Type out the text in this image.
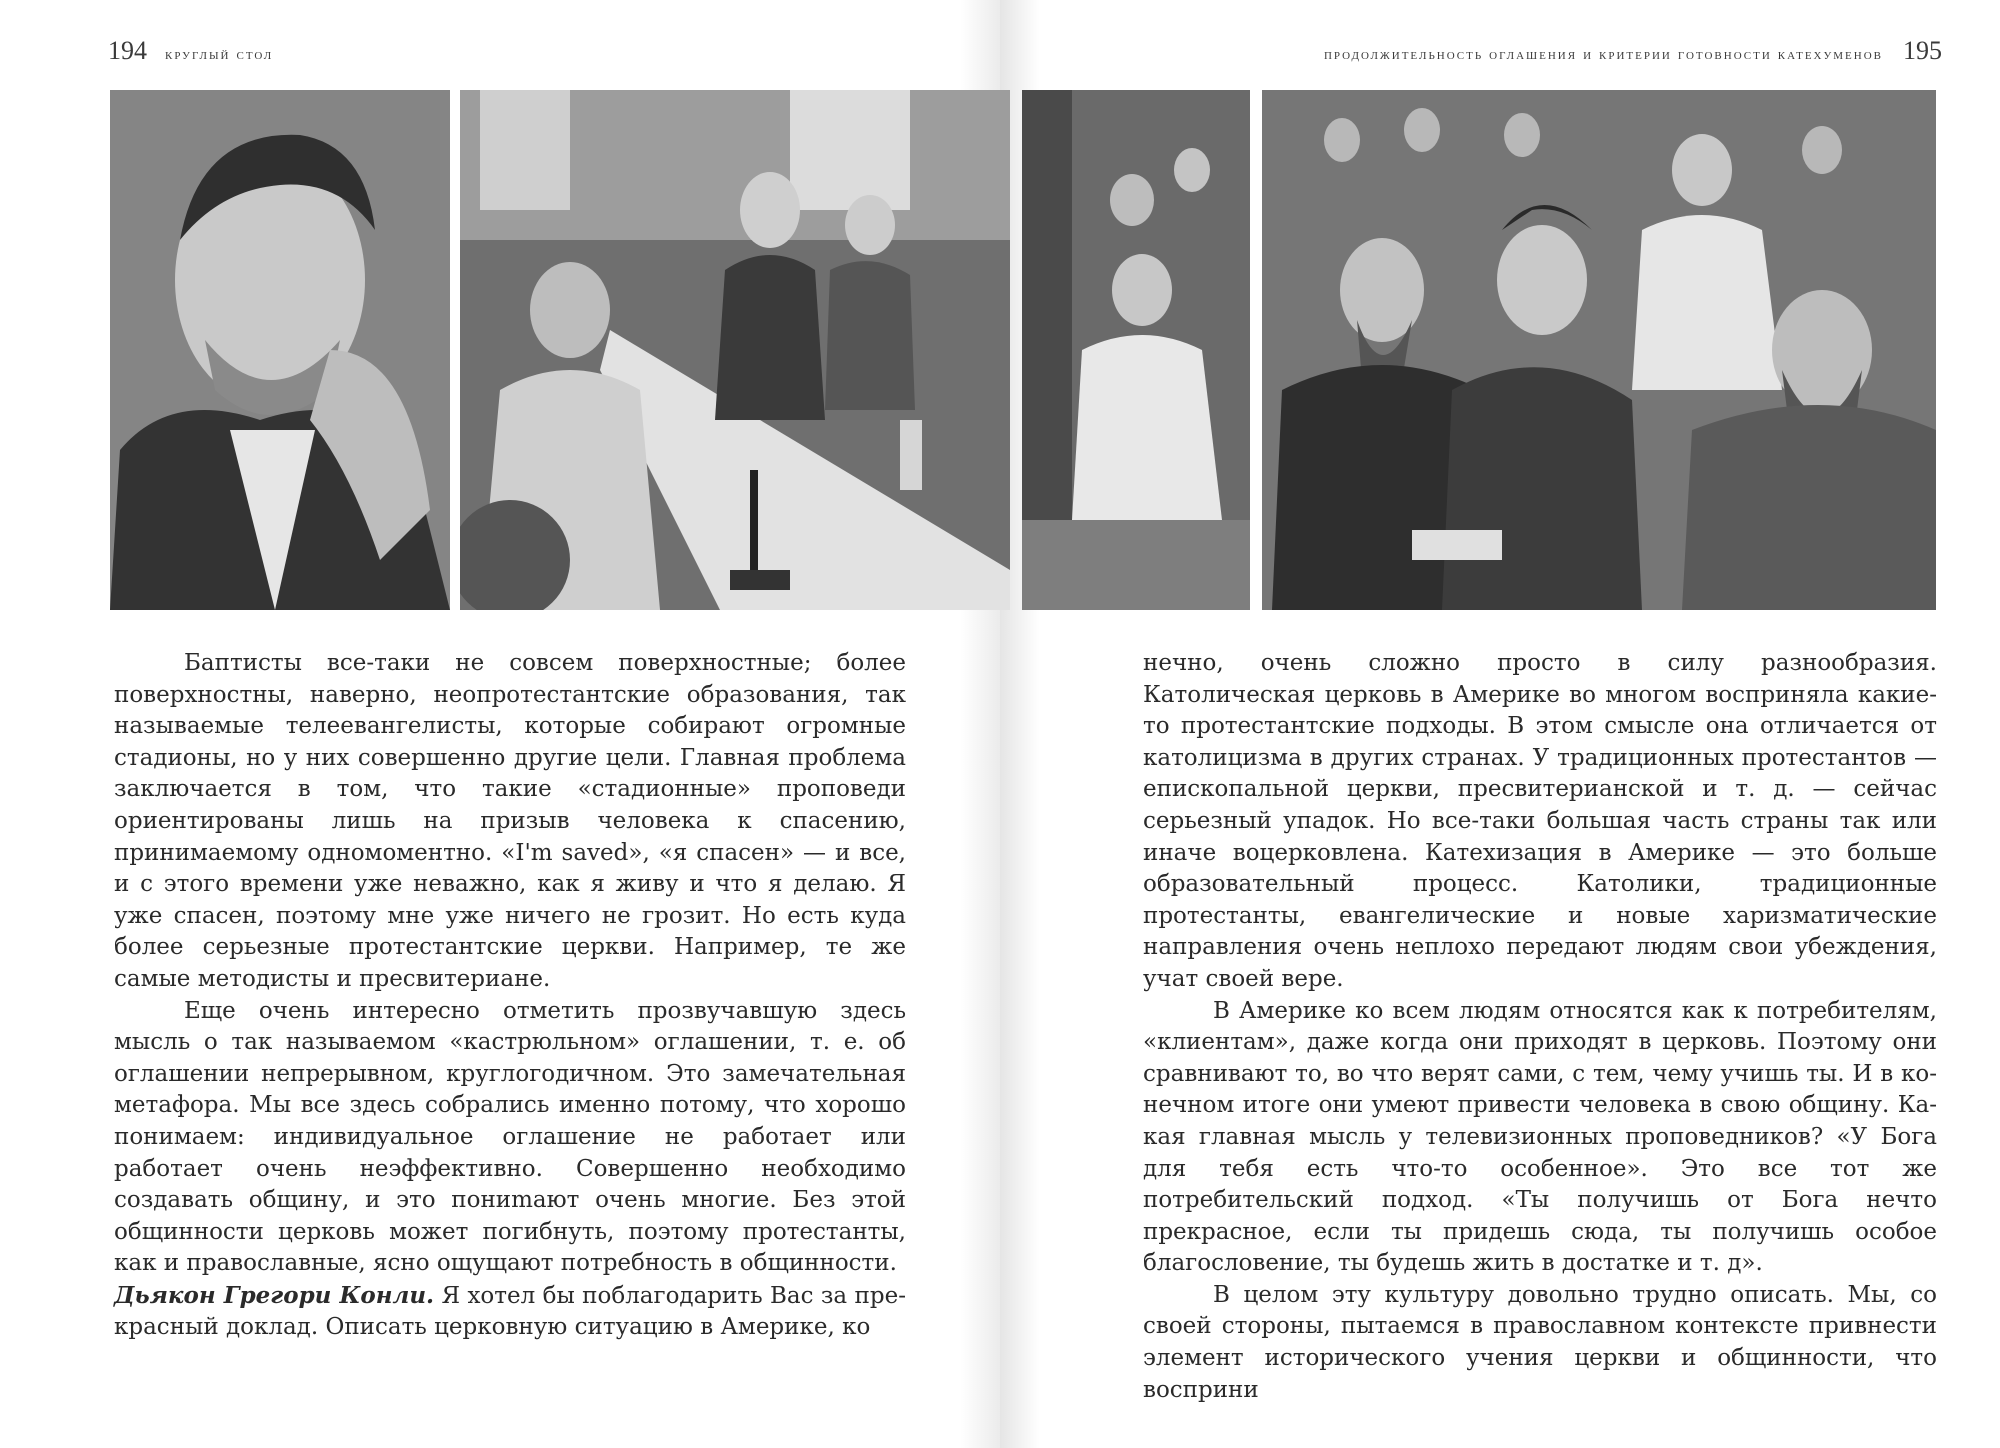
194 круглый стол	продолжительность оглашения и критерии готовности катехуменов 195

Баптисты все-таки не совсем поверхностные; более поверхностны, наверно, неопротестантские образования, так называемые телеевангелисты, которые собирают огромные стадионы, но у них совершенно другие цели. Главная проблема заключается в том, что такие «стадионные» проповеди ориентированы лишь на призыв человека к спасению, принимаемому одномоментно. «I'm saved», «я спасен» — и все, и с этого времени уже неважно, как я живу и что я делаю. Я уже спасен, поэтому мне уже ничего не грозит. Но есть куда более серьезные протестантские церкви. Например, те же самые методисты и пресвитериане.

Еще очень интересно отметить прозвучавшую здесь мысль о так называемом «кастрюльном» оглашении, т. е. об оглашении непрерывном, круглогодичном. Это замечательная метафора. Мы все здесь собрались именно потому, что хорошо понимаем: индивидуальное оглашение не работает или работает очень неэффективно. Совершенно необходимо создавать общину, и это пониmают очень многие. Без этой общинности церковь может погибнуть, поэтому протестанты, как и православные, ясно ощущают потребность в общинности.

Дьякон Грегори Конли. Я хотел бы поблагодарить Вас за прекрасный доклад. Описать церковную ситуацию в Америке, ко

нечно, очень сложно просто в силу разнообразия. Католическая церковь в Америке во многом восприняла какие-то протестантские подходы. В этом смысле она отличается от католицизма в других странах. У традиционных протестантов — епископальной церкви, пресвитерианской и т. д. — сейчас серьезный упадок. Но все-таки большая часть страны так или иначе воцерковлена. Катехизация в Америке — это больше образовательный процесс. Католики, традиционные протестанты, евангелические и новые харизматические направления очень неплохо передают людям свои убеждения, учат своей вере.

В Америке ко всем людям относятся как к потребителям, «клиентам», даже когда они приходят в церковь. Поэтому они сравнивают то, во что верят сами, с тем, чему учишь ты. И в конечном итоге они умеют привести человека в свою общину. Какая главная мысль у телевизионных проповедников? «У Бога для тебя есть что-то особенное». Это все тот же потребительский подход. «Ты получишь от Бога нечто прекрасное, если ты придешь сюда, ты получишь особое благословение, ты будешь жить в достатке и т. д».

В целом эту культуру довольно трудно описать. Мы, со своей стороны, пытаемся в православном контексте привнести элемент исторического учения церкви и общинности, что восприни
